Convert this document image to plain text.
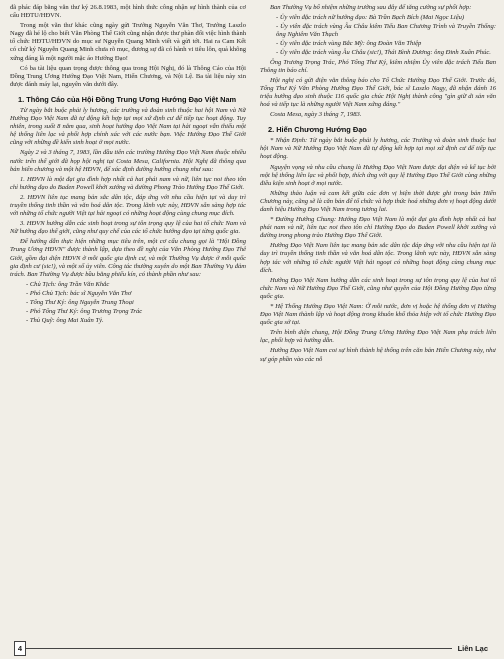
đã phác đáp bằng văn thư ký 26.8.1983, một hình thức công nhận sự hình thành của cơ cấu HĐTU/HĐVN.

Trong một văn thư khác cũng ngày gửi Trưởng Nguyễn Văn Thơ, Trưởng Laszlo Nagy đã hé lộ cho biết Văn Phòng Thế Giới cũng nhận được thư phàn đối việc hình thành tổ chức HĐTU/HĐVN do mục sư Nguyễn Quang Minh viết và gửi tới. Hai ra Cam Kết có chữ ký Nguyễn Quang Minh chưa rõ mục, đương sự đã có hành vi tiêu lôn, quả không xứng đáng là một người mặc áo Hướng Đạo!

Có ba tài liệu quan trọng được thông qua trong Hội Nghị, đó là Thông Cáo của Hội Đồng Trung Ương Hướng Đạo Việt Nam, Hiến Chương, và Nội Lệ. Ba tài liệu này xin được đánh máy lại, nguyên văn dưới đây.

1. Thông Cáo của Hội Đồng Trung Ương Hướng Đạo Việt Nam

Từ ngày bắt buộc phải ly hương, các trường và đoàn sinh thuộc hai hội Nam và Nữ Hướng Đạo Việt Nam đã tự động kết hợp tại mọi xứ định cư để tiếp tục hoạt động. Tuy nhiên, trong suốt 8 năm qua, sinh hoạt hướng đạo Việt Nam tại hải ngoại vẫn thiếu một hệ thống liên lạc và phối hợp chính xác với các nước bạn. Việc Hướng Đạo Thế Giới cũng với những đề kiến sinh hoạt ở mọi nước.

Ngày 2 và 3 tháng 7, 1983, lần đầu tiên các trường Hướng Đạo Việt Nam thuộc nhiều nước trên thế giới đã họp hội nghị tại Costa Mesa, California. Hội Nghị đã thông qua bản hiến chương và một hệ HĐVN, để xác định đường hướng chung như sau:

1. HĐVN là một đại gia đình hợp nhất cả hai phái nam và nữ, liên tục noi theo tôn chỉ hướng đạo do Baden Powell khởi xướng và đường Phong Trào Hướng Đạo Thế Giới.

2. HĐVN liên tục mang bản sắc dân tộc, đáp ứng với nhu cầu hiện tại và duy trì truyền thống tinh thần và văn hoá dân tộc. Trong lãnh vực này, HĐVN sẵn sàng hợp tác với những tổ chức người Việt tại hải ngoại có những hoạt động cùng chung mục đích.

3. HĐVN hướng dẫn các sinh hoạt trong sự tôn trọng quy lệ của hai tổ chức Nam và Nữ hướng đạo thế giới, cũng như quy chế của các tổ chức hướng đạo tại từng quốc gia.

Để hướng dẫn thực hiện những mục tiêu trên, một cơ cấu chung gọi là "Hội Đồng Trung Ương HĐVN" được thành lập, dựa theo đề nghị của Văn Phòng Hướng Đạo Thế Giới, gồm đại diện HĐVN ở mỗi quốc gia định cư, và một Thường Vụ được ở mỗi quốc gia định cư (sic!), và một số ủy viên. Công tác thường xuyên do một Ban Thường Vụ đảm trách. Ban Thường Vụ được bầu bằng phiếu kín, có thành phần như sau:

- Chủ Tịch: ông Trần Văn Khắc

- Phó Chủ Tịch: bác sĩ Nguyễn Văn Thơ

- Tổng Thư Ký: ông Nguyễn Trung Thoại

- Phó Tổng Thư Ký: ông Trương Trọng Trác

- Thủ Quỹ: ông Mai Xuân Tỷ.

Ban Thường Vụ bổ nhiệm những trưởng sau đây để tăng cường sự phối hợp:

- Ủy viên đặc trách nữ hướng đạo: Bà Trần Bạch Bích (Mai Ngọc Liệu)

- Ủy viên đặc trách vùng Âu Châu kiêm Tiểu Ban Chương Trình và Truyền Thống: ông Nghiêm Văn Thạch

- Ủy viên đặc trách vùng Bắc Mỹ: ông Đoàn Văn Thiệp

- Ủy viên đặc trách vùng Âu Châu (sic!), Thái Bình Dương: ông Đinh Xuân Phúc.

Ông Trương Trọng Trác, Phó Tổng Thư Ký, kiêm nhiệm Ủy viên đặc trách Tiểu Ban Thông tin báo chí.

Hội nghị có gửi điện văn thông báo cho Tổ Chức Hướng Đạo Thế Giới. Trước đó, Tổng Thư Ký Văn Phòng Hướng Đạo Thế Giới, bác sĩ Laszlo Nagy, đã nhận đánh 16 triệu hướng đạo sinh thuộc 116 quốc gia chúc Hội Nghị thành công "gìn giữ di sản văn hoá và tiếp tục là những người Việt Nam xứng đáng."

Costa Mesa, ngày 3 tháng 7, 1983.

2. Hiến Chương Hướng Đạo

* Nhận Định: Từ ngày bắt buộc phải ly hương, các Trưởng và đoàn sinh thuộc hai hội Nam và Nữ Hướng Đạo Việt Nam đã tự động kết hợp tại mọi xứ định cư để tiếp tục hoạt động.

Nguyện vọng và nhu cầu chung là Hướng Đạo Việt Nam được đại diện và kế tục bởi một hệ thống liên lạc và phối hợp, thích ứng với quy lệ Hướng Đạo Thế Giới cùng những điều kiện sinh hoạt ở mọi nước.

Những thảo luận và cam kết giữa các đơn vị hiện thời được ghi trong bản Hiến Chương này, cũng sẽ là căn bản để tổ chức và hợp thức hoá những đơn vị hoạt động dưới danh hiệu Hướng Đạo Việt Nam trong tương lai.

* Đường Hướng Chung: Hướng Đạo Việt Nam là một đại gia đình hợp nhất cả hai phái nam và nữ, liên tục noi theo tôn chỉ Hướng Đạo do Baden Powell khởi xướng và đường trong phong trào Hướng Đạo Thế Giới.

Hướng Đạo Việt Nam liên tục mang bản sắc dân tộc đáp ứng với nhu cầu hiện tại là duy trì truyền thống tinh thần và văn hoá dân tộc. Trong lãnh vực này, HĐVN sẵn sàng hợp tác với những tổ chức người Việt hải ngoại có những hoạt động cùng chung mục đích.

Hướng Đạo Việt Nam hướng dẫn các sinh hoạt trong sự tôn trọng quy lệ của hai tổ chức Nam và Nữ Hướng Đạo Thế Giới, cũng như quyền của Hội Đồng Hướng Đạo từng quốc gia.

* Hệ Thống Hướng Đạo Việt Nam: Ở mỗi nước, đơn vị hoặc hệ thống đơn vị Hướng Đạo Việt Nam thành lập và hoạt động trong khuôn khổ thỏa hiệp với tổ chức Hướng Đạo quốc gia sở tại.

Trên bình diện chung, Hội Đồng Trung Ương Hướng Đạo Việt Nam phụ trách liên lạc, phối hợp và hướng dẫn.

Hướng Đạo Việt Nam coi sự hình thành hệ thống trên căn bản Hiến Chương này, như sự góp phần vào các nỗ

4	Liên Lạc
